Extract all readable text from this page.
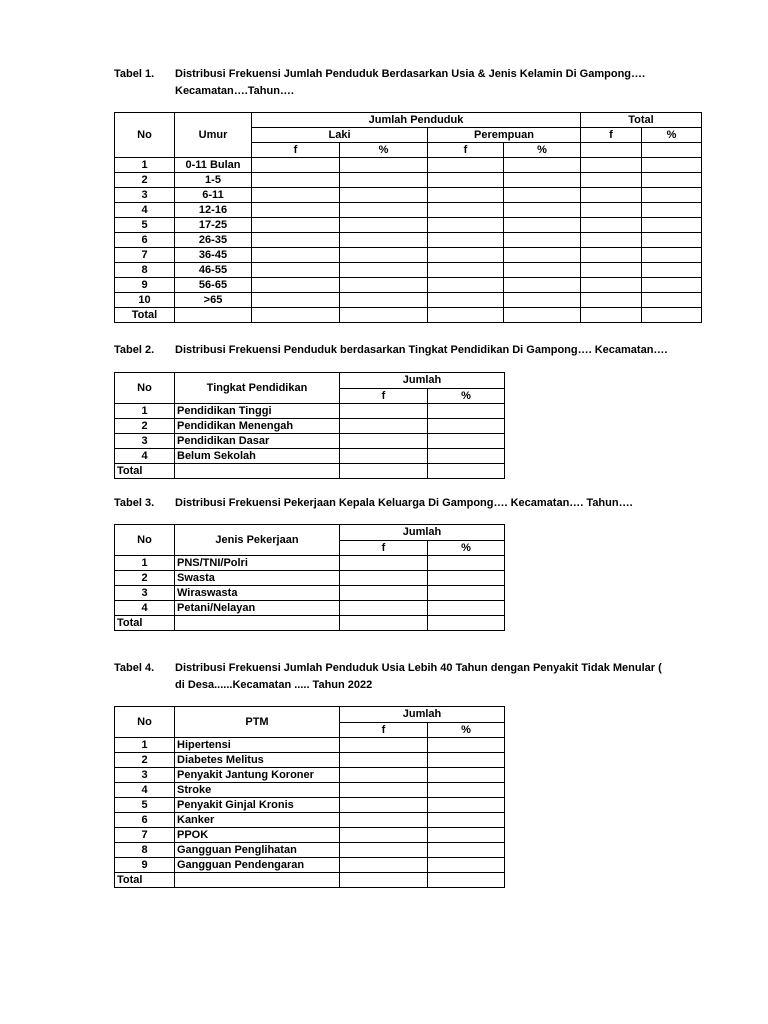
Tabel 1. Distribusi Frekuensi Jumlah Penduduk Berdasarkan Usia & Jenis Kelamin Di Gampong….
Kecamatan….Tahun….
No	Umur	Jumlah Penduduk				Total	
		Laki		Perempuan		f	%
		f	%	f	%		
1	0-11 Bulan						
2	1-5						
3	6-11						
4	12-16						
5	17-25						
6	26-35						
7	36-45						
8	46-55						
9	56-65						
10	>65						
Total							
Tabel 2. Distribusi Frekuensi Penduduk berdasarkan Tingkat Pendidikan Di Gampong…. Kecamatan….
No	Tingkat Pendidikan	Jumlah	
		f	%
1	Pendidikan Tinggi		
2	Pendidikan Menengah		
3	Pendidikan Dasar		
4	Belum Sekolah		
Total			
Tabel 3. Distribusi Frekuensi Pekerjaan Kepala Keluarga Di Gampong…. Kecamatan…. Tahun….
No	Jenis Pekerjaan	Jumlah	
		f	%
1	PNS/TNI/Polri		
2	Swasta		
3	Wiraswasta		
4	Petani/Nelayan		
Total			
Tabel 4. Distribusi Frekuensi Jumlah Penduduk Usia Lebih 40 Tahun dengan Penyakit Tidak Menular (
di Desa......Kecamatan ..... Tahun 2022
No	PTM	Jumlah	
		f	%
1	Hipertensi		
2	Diabetes Melitus		
3	Penyakit Jantung Koroner		
4	Stroke		
5	Penyakit Ginjal Kronis		
6	Kanker		
7	PPOK		
8	Gangguan Penglihatan		
9	Gangguan Pendengaran		
Total			
